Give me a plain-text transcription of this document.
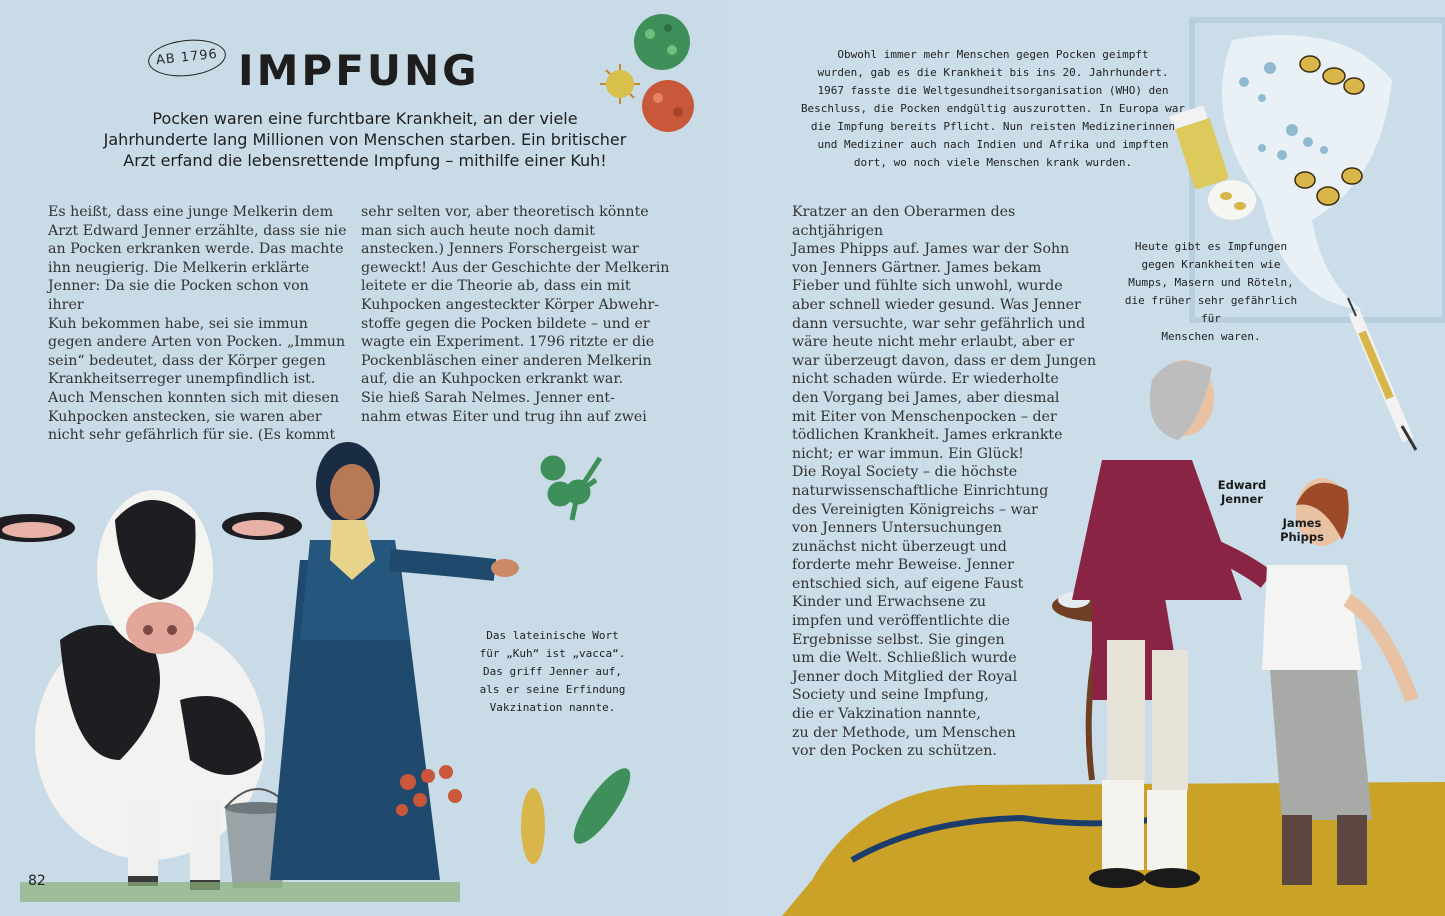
AB 1796 IMPFUNG

Pocken waren eine furchtbare Krankheit, an der viele Jahrhunderte lang Millionen von Menschen starben. Ein britischer Arzt erfand die lebensrettende Impfung – mithilfe einer Kuh!

Es heißt, dass eine junge Melkerin dem
Arzt Edward Jenner erzählte, dass sie nie
an Pocken erkranken werde. Das machte
ihn neugierig. Die Melkerin erklärte
Jenner: Da sie die Pocken schon von ihrer
Kuh bekommen habe, sei sie immun
gegen andere Arten von Pocken. „Immun
sein“ bedeutet, dass der Körper gegen
Krankheitserreger unempfindlich ist.
Auch Menschen konnten sich mit diesen
Kuhpocken anstecken, sie waren aber
nicht sehr gefährlich für sie. (Es kommt

sehr selten vor, aber theoretisch könnte
man sich auch heute noch damit
anstecken.) Jenners Forschergeist war
geweckt! Aus der Geschichte der Melkerin
leitete er die Theorie ab, dass ein mit
Kuhpocken angesteckter Körper Abwehr-
stoffe gegen die Pocken bildete – und er
wagte ein Experiment. 1796 ritzte er die
Pockenbläschen einer anderen Melkerin
auf, die an Kuhpocken erkrankt war.
Sie hieß Sarah Nelmes. Jenner ent-
nahm etwas Eiter und trug ihn auf zwei

Das lateinische Wort
für „Kuh“ ist „vacca“.
Das griff Jenner auf,
als er seine Erfindung
Vakzination nannte.

82

Obwohl immer mehr Menschen gegen Pocken geimpft
wurden, gab es die Krankheit bis ins 20. Jahrhundert.
1967 fasste die Weltgesundheitsorganisation (WHO) den
Beschluss, die Pocken endgültig auszurotten. In Europa war
die Impfung bereits Pflicht. Nun reisten Medizinerinnen
und Mediziner auch nach Indien und Afrika und impften
dort, wo noch viele Menschen krank wurden.

Kratzer an den Oberarmen des achtjährigen
James Phipps auf. James war der Sohn
von Jenners Gärtner. James bekam
Fieber und fühlte sich unwohl, wurde
aber schnell wieder gesund. Was Jenner
dann versuchte, war sehr gefährlich und
wäre heute nicht mehr erlaubt, aber er
war überzeugt davon, dass er dem Jungen
nicht schaden würde. Er wiederholte
den Vorgang bei James, aber diesmal
mit Eiter von Menschenpocken – der
tödlichen Krankheit. James erkrankte
nicht; er war immun. Ein Glück!
Die Royal Society – die höchste
naturwissenschaftliche Einrichtung
des Vereinigten Königreichs – war
von Jenners Untersuchungen
zunächst nicht überzeugt und
forderte mehr Beweise. Jenner
entschied sich, auf eigene Faust
Kinder und Erwachsene zu
impfen und veröffentlichte die
Ergebnisse selbst. Sie gingen
um die Welt. Schließlich wurde
Jenner doch Mitglied der Royal
Society und seine Impfung,
die er Vakzination nannte,
zu der Methode, um Menschen
vor den Pocken zu schützen.

Heute gibt es Impfungen
gegen Krankheiten wie
Mumps, Masern und Röteln,
die früher sehr gefährlich für
Menschen waren.

Edward
Jenner

James
Phipps
